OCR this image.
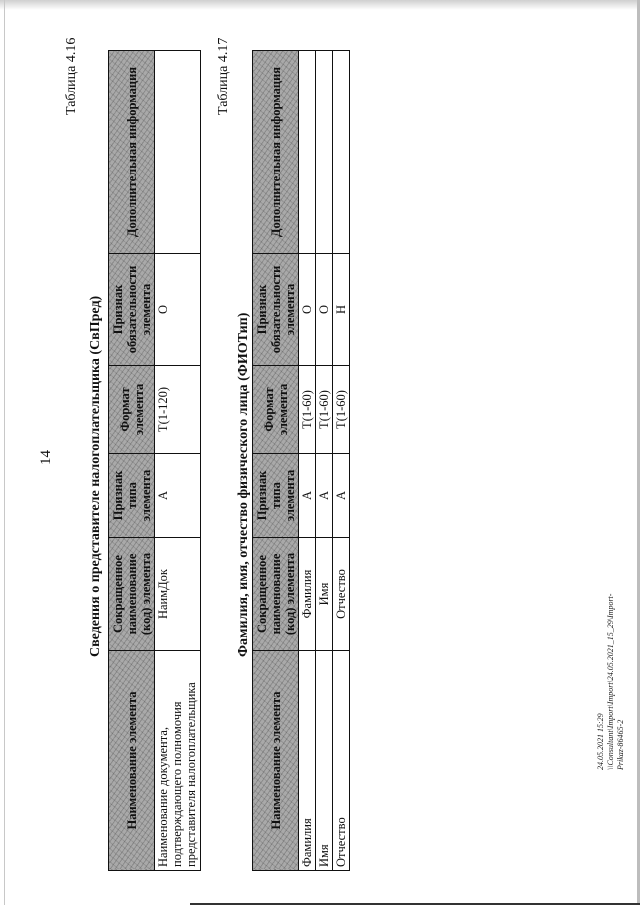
14
Таблица 4.16
Сведения о представителе налогоплательщика (СвПред)
Наименование элемента	Сокращенное наименование (код) элемента	Признак типа элемента	Формат элемента	Признак обязательности элемента	Дополнительная информация
Наименование документа, подтверждающего полномочия представителя налогоплательщика	НаимДок	А	T(1-120)	О	
Таблица 4.17
Фамилия, имя, отчество физического лица (ФИОТип)
Наименование элемента	Сокращенное наименование (код) элемента	Признак типа элемента	Формат элемента	Признак обязательности элемента	Дополнительная информация
Фамилия	Фамилия	А	T(1-60)	О	
Имя	Имя	А	T(1-60)	О	
Отчество	Отчество	А	T(1-60)	Н	
24.05.2021 15:29 \\Consultant\Import\Import\24.05.2021_15_29\Import-Prikaz-86465-2
